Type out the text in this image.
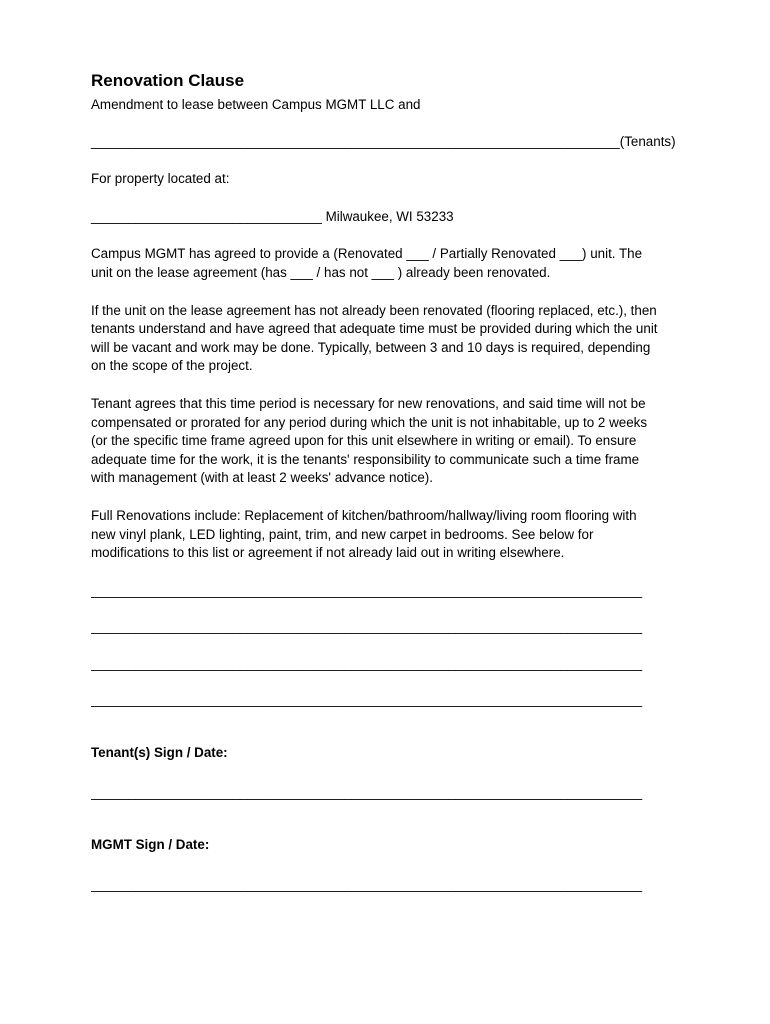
Renovation Clause
Amendment to lease between Campus MGMT LLC and
_______________________________________________________________________(Tenants)
For property located at:
_______________________________ Milwaukee, WI 53233
Campus MGMT has agreed to provide a (Renovated ___ / Partially Renovated ___) unit. The
unit on the lease agreement (has ___ / has not ___ ) already been renovated.
If the unit on the lease agreement has not already been renovated (flooring replaced, etc.), then
tenants understand and have agreed that adequate time must be provided during which the unit
will be vacant and work may be done. Typically, between 3 and 10 days is required, depending
on the scope of the project.
Tenant agrees that this time period is necessary for new renovations, and said time will not be
compensated or prorated for any period during which the unit is not inhabitable, up to 2 weeks
(or the specific time frame agreed upon for this unit elsewhere in writing or email). To ensure
adequate time for the work, it is the tenants' responsibility to communicate such a time frame
with management (with at least 2 weeks' advance notice).
Full Renovations include: Replacement of kitchen/bathroom/hallway/living room flooring with
new vinyl plank, LED lighting, paint, trim, and new carpet in bedrooms. See below for
modifications to this list or agreement if not already laid out in writing elsewhere.
__________________________________________________________________________
__________________________________________________________________________
__________________________________________________________________________
__________________________________________________________________________
Tenant(s) Sign / Date:
__________________________________________________________________________
MGMT Sign / Date:
__________________________________________________________________________
